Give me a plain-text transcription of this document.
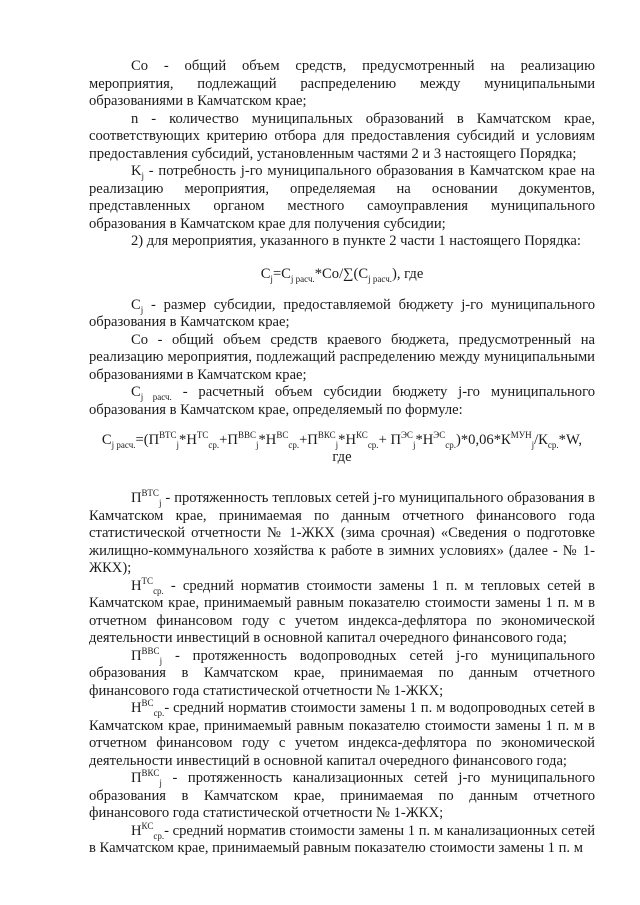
Со - общий объем средств, предусмотренный на реализацию мероприятия, подлежащий распределению между муниципальными образованиями в Камчатском крае;

n - количество муниципальных образований в Камчатском крае, соответствующих критерию отбора для предоставления субсидий и условиям предоставления субсидий, установленным частями 2 и 3 настоящего Порядка;

$K_j$ - потребность j-го муниципального образования в Камчатском крае на реализацию мероприятия, определяемая на основании документов, представленных органом местного самоуправления муниципального образования в Камчатском крае для получения субсидии;

2) для мероприятия, указанного в пункте 2 части 1 настоящего Порядка:

$C_j=C_{j расч.}*Co/\sum(C_{j расч.})$, где

$C_j$ - размер субсидии, предоставляемой бюджету j-го муниципального образования в Камчатском крае;

Со - общий объем средств краевого бюджета, предусмотренный на реализацию мероприятия, подлежащий распределению между муниципальными образованиями в Камчатском крае;

$C_{j расч.}$ - расчетный объем субсидии бюджету j-го муниципального образования в Камчатском крае, определяемый по формуле:

$C_{j расч.}=(П^{ВТС}_j*Н^{ТС}_{ср.}+П^{ВВС}_j*Н^{ВС}_{ср.}+П^{ВКС}_j*Н^{КС}_{ср.}+ П^{ЭС}_j*Н^{ЭС}_{ср.})*0,06*К^{МУН}_j/К_{ср.}*W$,

где

$П^{ВТС}_j$ - протяженность тепловых сетей j-го муниципального образования в Камчатском крае, принимаемая по данным отчетного финансового года статистической отчетности № 1-ЖКХ (зима срочная) «Сведения о подготовке жилищно-коммунального хозяйства к работе в зимних условиях» (далее - № 1-ЖКХ);

$Н^{ТС}_{ср.}$ - средний норматив стоимости замены 1 п. м тепловых сетей в Камчатском крае, принимаемый равным показателю стоимости замены 1 п. м в отчетном финансовом году с учетом индекса-дефлятора по экономической деятельности инвестиций в основной капитал очередного финансового года;

$П^{ВВС}_j$ - протяженность водопроводных сетей j-го муниципального образования в Камчатском крае, принимаемая по данным отчетного финансового года статистической отчетности № 1-ЖКХ;

$Н^{ВС}_{ср.}-$ средний норматив стоимости замены 1 п. м водопроводных сетей в Камчатском крае, принимаемый равным показателю стоимости замены 1 п. м в отчетном финансовом году с учетом индекса-дефлятора по экономической деятельности инвестиций в основной капитал очередного финансового года;

$П^{ВКС}_j$ - протяженность канализационных сетей j-го муниципального образования в Камчатском крае, принимаемая по данным отчетного финансового года статистической отчетности № 1-ЖКХ;

$Н^{КС}_{ср.}-$ средний норматив стоимости замены 1 п. м канализационных сетей в Камчатском крае, принимаемый равным показателю стоимости замены 1 п. м
